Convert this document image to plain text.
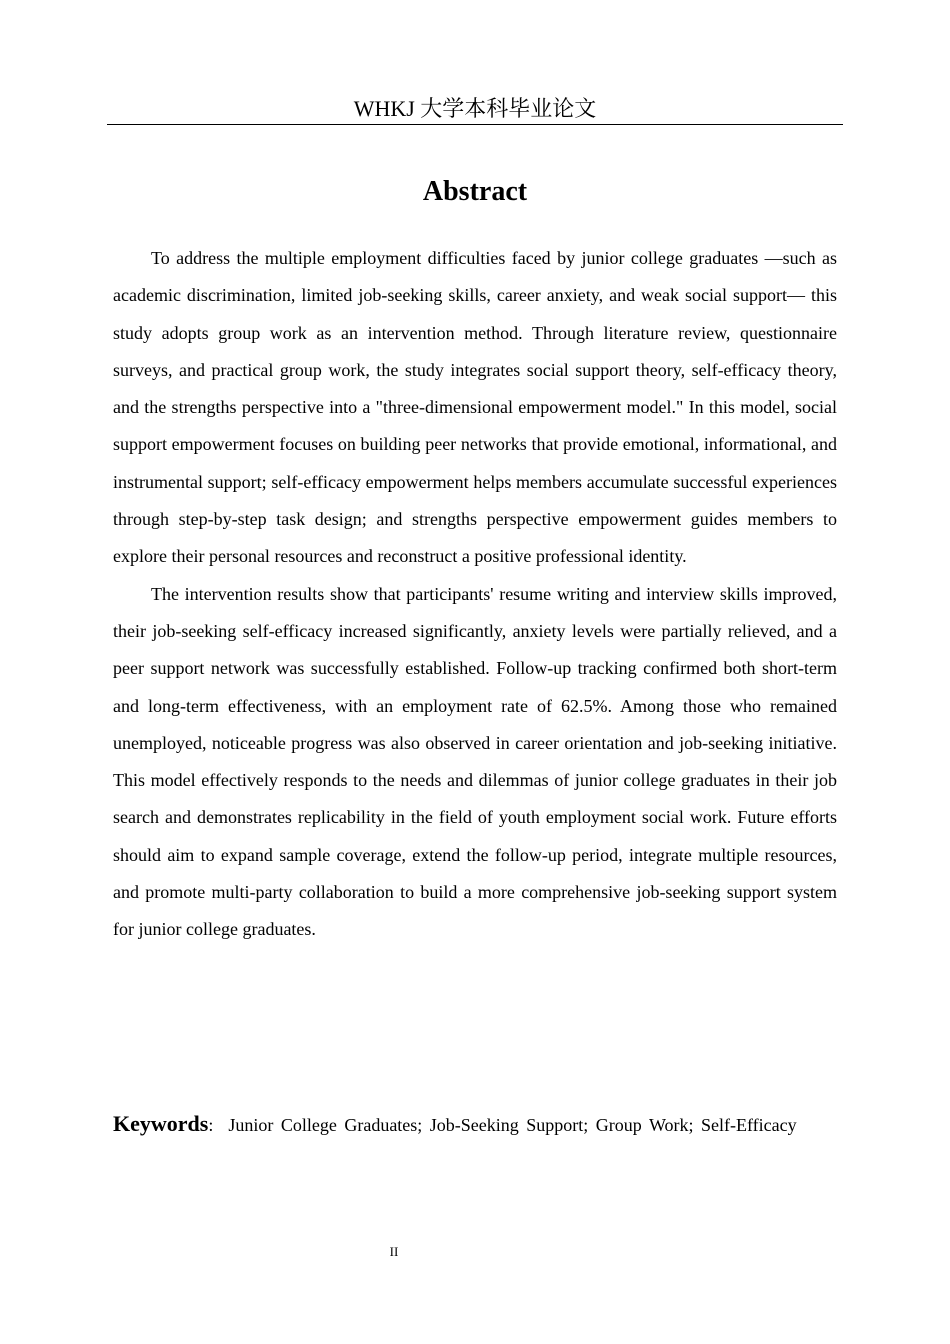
WHKJ 大学本科毕业论文
Abstract

To address the multiple employment difficulties faced by junior college graduates —such as academic discrimination, limited job-seeking skills, career anxiety, and weak social support— this study adopts group work as an intervention method. Through literature review, questionnaire surveys, and practical group work, the study integrates social support theory, self-efficacy theory, and the strengths perspective into a "three-dimensional empowerment model." In this model, social support empowerment focuses on building peer networks that provide emotional, informational, and instrumental support; self-efficacy empowerment helps members accumulate successful experiences through step-by-step task design; and strengths perspective empowerment guides members to explore their personal resources and reconstruct a positive professional identity.

The intervention results show that participants' resume writing and interview skills improved, their job-seeking self-efficacy increased significantly, anxiety levels were partially relieved, and a peer support network was successfully established. Follow-up tracking confirmed both short-term and long-term effectiveness, with an employment rate of 62.5%. Among those who remained unemployed, noticeable progress was also observed in career orientation and job-seeking initiative. This model effectively responds to the needs and dilemmas of junior college graduates in their job search and demonstrates replicability in the field of youth employment social work. Future efforts should aim to expand sample coverage, extend the follow-up period, integrate multiple resources, and promote multi-party collaboration to build a more comprehensive job-seeking support system for junior college graduates.

Keywords: Junior College Graduates; Job-Seeking Support; Group Work; Self-Efficacy
II
